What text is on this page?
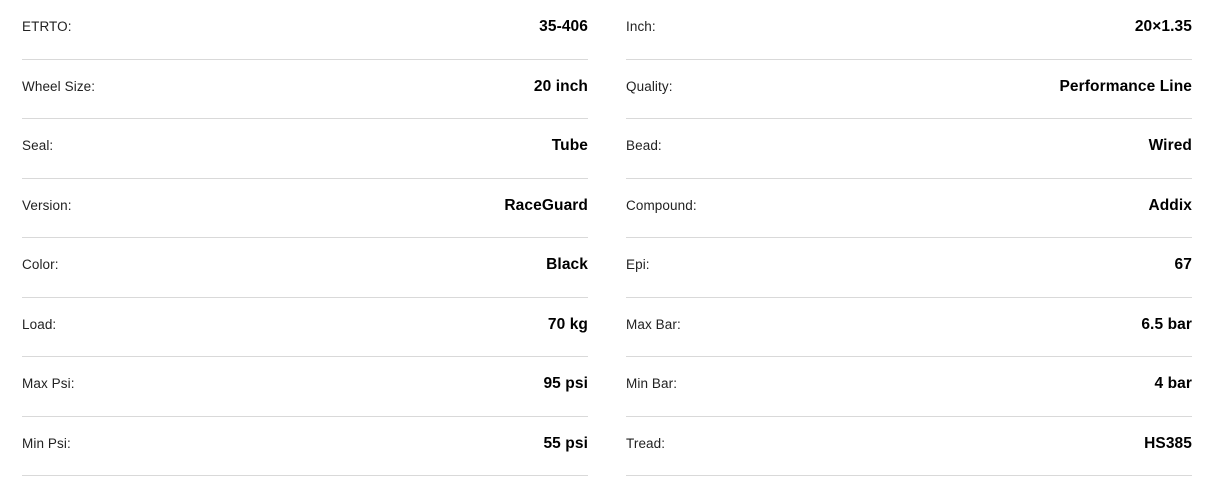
ETRTO:	35-406
Wheel Size:	20 inch
Seal:	Tube
Version:	RaceGuard
Color:	Black
Load:	70 kg
Max Psi:	95 psi
Min Psi:	55 psi
Inch:	20×1.35
Quality:	Performance Line
Bead:	Wired
Compound:	Addix
Epi:	67
Max Bar:	6.5 bar
Min Bar:	4 bar
Tread:	HS385
